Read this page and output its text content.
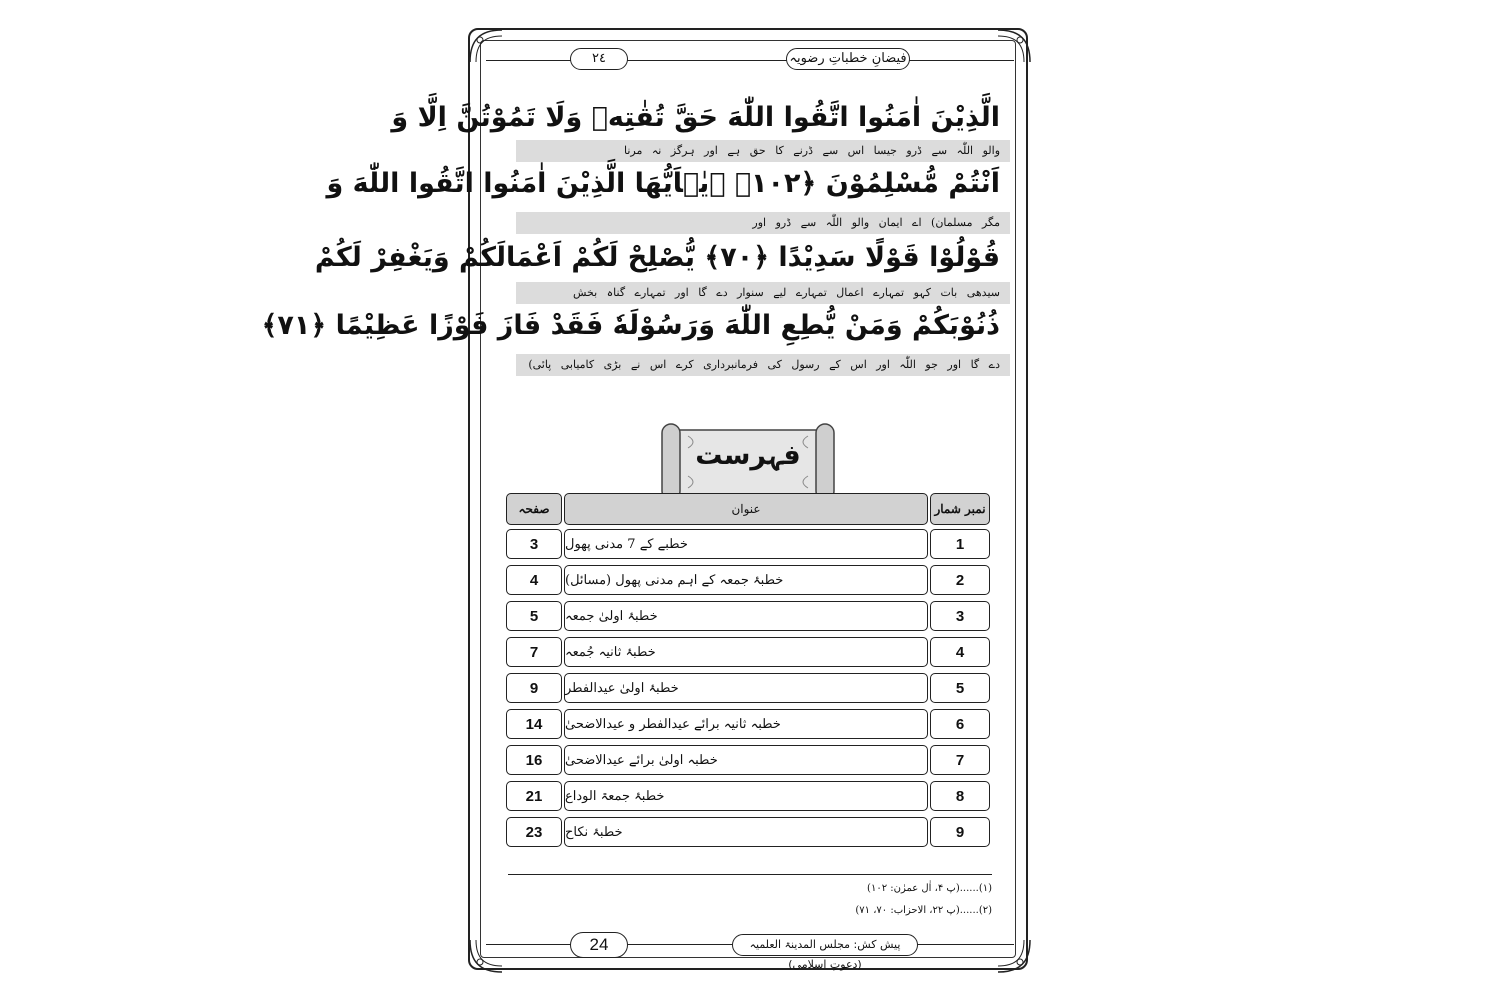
٢٤	فیضانِ خطباتِ رضویہ
الَّذِیْنَ اٰمَنُوا اتَّقُوا اللّٰهَ حَقَّ تُقٰتِهٖ وَلَا تَمُوْتُنَّ اِلَّا وَ
والو اللّٰہ سے ڈرو جیسا اس سے ڈرنے کا حق ہے اور ہرگز نہ مرنا
اَنْتُمْ مُّسْلِمُوْنَ ﴿۱۰۲﴾ ﴿يٰۤاَيُّهَا الَّذِيْنَ اٰمَنُوا اتَّقُوا اللّٰهَ وَ
مگر مسلمان) اے ایمان والو اللّٰہ سے ڈرو اور
قُوْلُوْا قَوْلًا سَدِيْدًا ﴿۷۰﴾ يُّصْلِحْ لَكُمْ اَعْمَالَكُمْ وَيَغْفِرْ لَكُمْ
سیدھی بات کہو تمہارے اعمال تمہارے لیے سنوار دے گا اور تمہارے گناہ بخش
ذُنُوْبَكُمْ وَمَنْ يُّطِعِ اللّٰهَ وَرَسُوْلَهٗ فَقَدْ فَازَ فَوْزًا عَظِيْمًا ﴿۷۱﴾
دے گا اور جو اللّٰہ اور اس کے رسول کی فرمانبرداری کرے اس نے بڑی کامیابی پائی)
فہرست
صفحہ	عنوان	نمبر شمار
3	خطبے کے 7 مدنی پھول	1
4	خطبۂ جمعہ کے اہم مدنی پھول (مسائل)	2
5	خطبۂ اولیٰ جمعہ	3
7	خطبۂ ثانیہ جُمعہ	4
9	خطبۂ اولیٰ عیدالفطر	5
14	خطبہ ثانیہ برائے عیدالفطر و عیدالاضحیٰ	6
16	خطبہ اولیٰ برائے عیدالاضحیٰ	7
21	خطبۂ جمعۃ الوداع	8
23	خطبۂ نکاح	9
(۱)......(پ ۴، اٰل عمرٰن: ۱۰۲)
(۲)......(پ ۲۲، الاحزاب: ۷۰، ۷۱)
24	پیش کش: مجلس المدینۃ العلمیہ (دعوتِ اسلامی)
